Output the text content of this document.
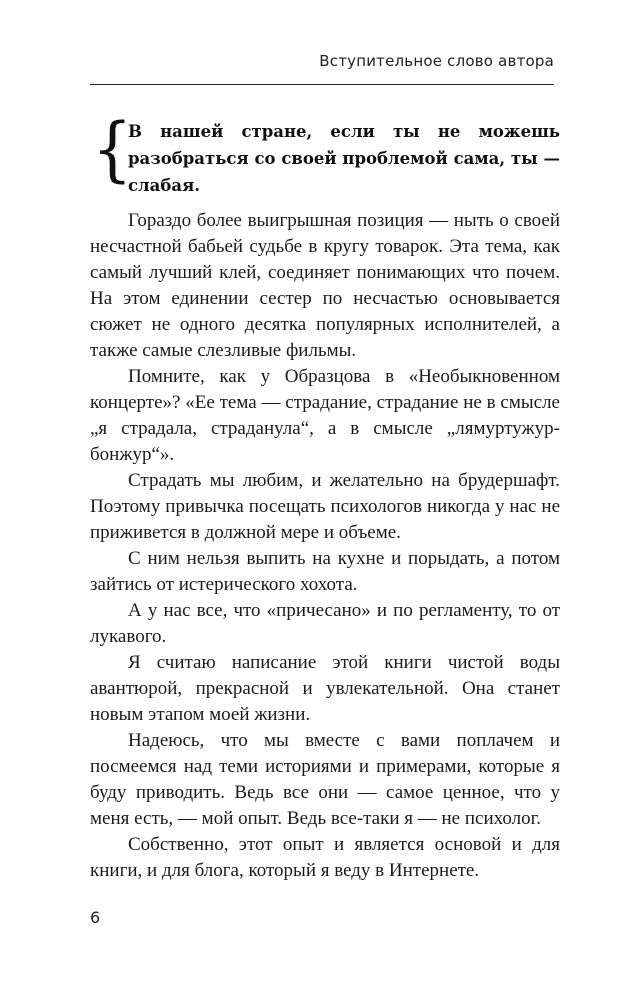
Вступительное слово автора
{
В нашей стране, если ты не можешь разобраться со своей проблемой сама, ты — слабая.

Гораздо более выигрышная позиция — ныть о своей несчастной бабьей судьбе в кругу товарок. Эта тема, как самый лучший клей, соединяет понимающих что почем. На этом единении сестер по несчастью основывается сюжет не одного десятка популярных исполнителей, а также самые слезливые фильмы.

Помните, как у Образцова в «Необыкновенном концерте»? «Ее тема — страдание, страдание не в смысле „я страдала, страданула“, а в смысле „лямуртужур-бонжур“».

Страдать мы любим, и желательно на брудершафт. Поэтому привычка посещать психологов никогда у нас не приживется в должной мере и объеме.

С ним нельзя выпить на кухне и порыдать, а потом зайтись от истерического хохота.

А у нас все, что «причесано» и по регламенту, то от лукавого.

Я считаю написание этой книги чистой воды авантюрой, прекрасной и увлекательной. Она станет новым этапом моей жизни.

Надеюсь, что мы вместе с вами поплачем и посмеемся над теми историями и примерами, которые я буду приводить. Ведь все они — самое ценное, что у меня есть, — мой опыт. Ведь все-таки я — не психолог.

Собственно, этот опыт и является основой и для книги, и для блога, который я веду в Интернете.

6
